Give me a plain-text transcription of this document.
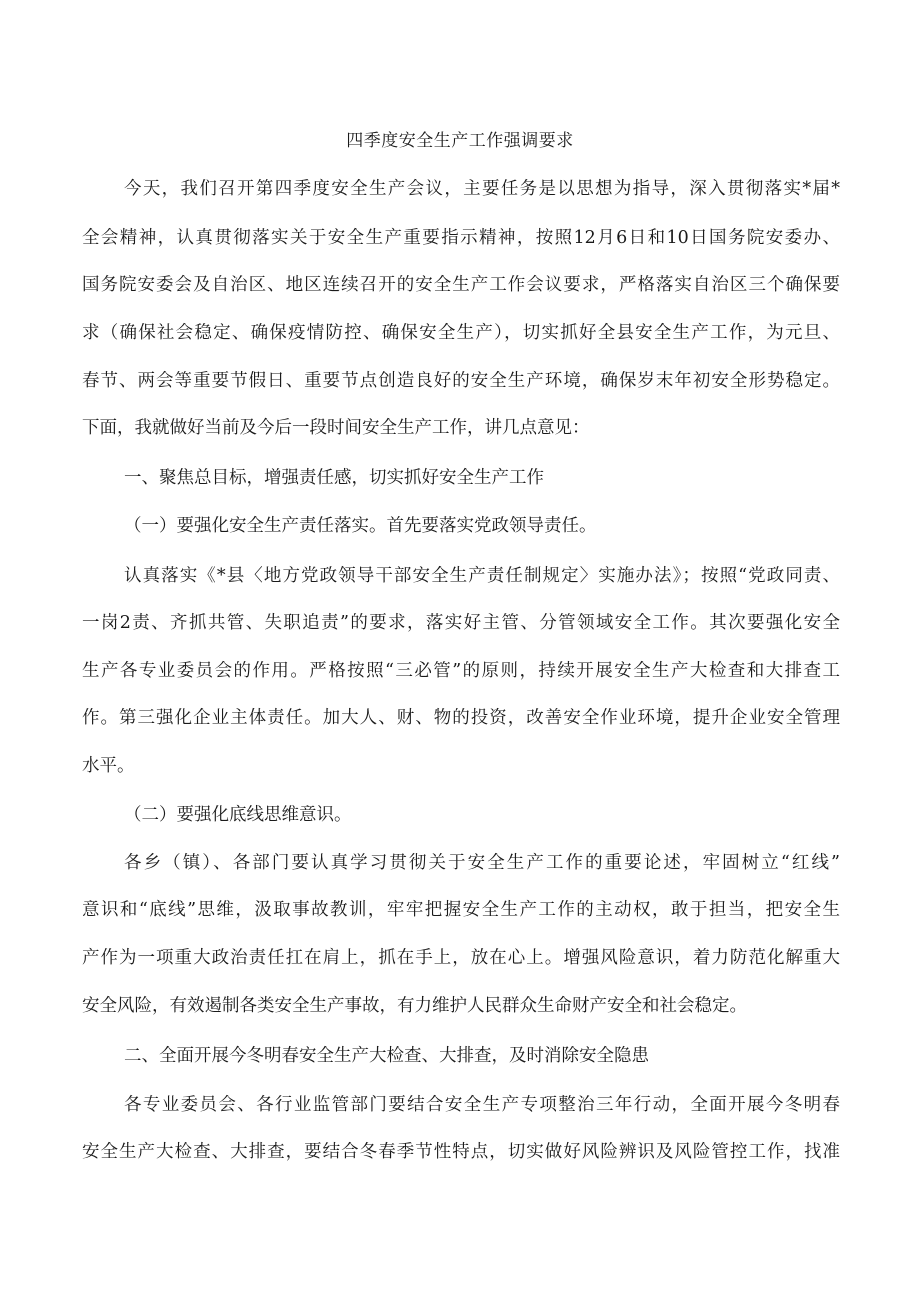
四季度安全生产工作强调要求
今天，我们召开第四季度安全生产会议，主要任务是以思想为指导，深入贯彻落实*届*
全会精神，认真贯彻落实关于安全生产重要指示精神，按照12月6日和10日国务院安委办、
国务院安委会及自治区、地区连续召开的安全生产工作会议要求，严格落实自治区三个确保要
求（确保社会稳定、确保疫情防控、确保安全生产），切实抓好全县安全生产工作，为元旦、
春节、两会等重要节假日、重要节点创造良好的安全生产环境，确保岁末年初安全形势稳定。
下面，我就做好当前及今后一段时间安全生产工作，讲几点意见：
一、聚焦总目标，增强责任感，切实抓好安全生产工作
（一）要强化安全生产责任落实。首先要落实党政领导责任。
认真落实《*县〈地方党政领导干部安全生产责任制规定〉实施办法》；按照“党政同责、
一岗2责、齐抓共管、失职追责”的要求，落实好主管、分管领域安全工作。其次要强化安全
生产各专业委员会的作用。严格按照“三必管”的原则，持续开展安全生产大检查和大排查工
作。第三强化企业主体责任。加大人、财、物的投资，改善安全作业环境，提升企业安全管理
水平。
（二）要强化底线思维意识。
各乡（镇）、各部门要认真学习贯彻关于安全生产工作的重要论述，牢固树立“红线”
意识和“底线”思维，汲取事故教训，牢牢把握安全生产工作的主动权，敢于担当，把安全生
产作为一项重大政治责任扛在肩上，抓在手上，放在心上。增强风险意识，着力防范化解重大
安全风险，有效遏制各类安全生产事故，有力维护人民群众生命财产安全和社会稳定。
二、全面开展今冬明春安全生产大检查、大排查，及时消除安全隐患
各专业委员会、各行业监管部门要结合安全生产专项整治三年行动，全面开展今冬明春
安全生产大检查、大排查，要结合冬春季节性特点，切实做好风险辨识及风险管控工作，找准
